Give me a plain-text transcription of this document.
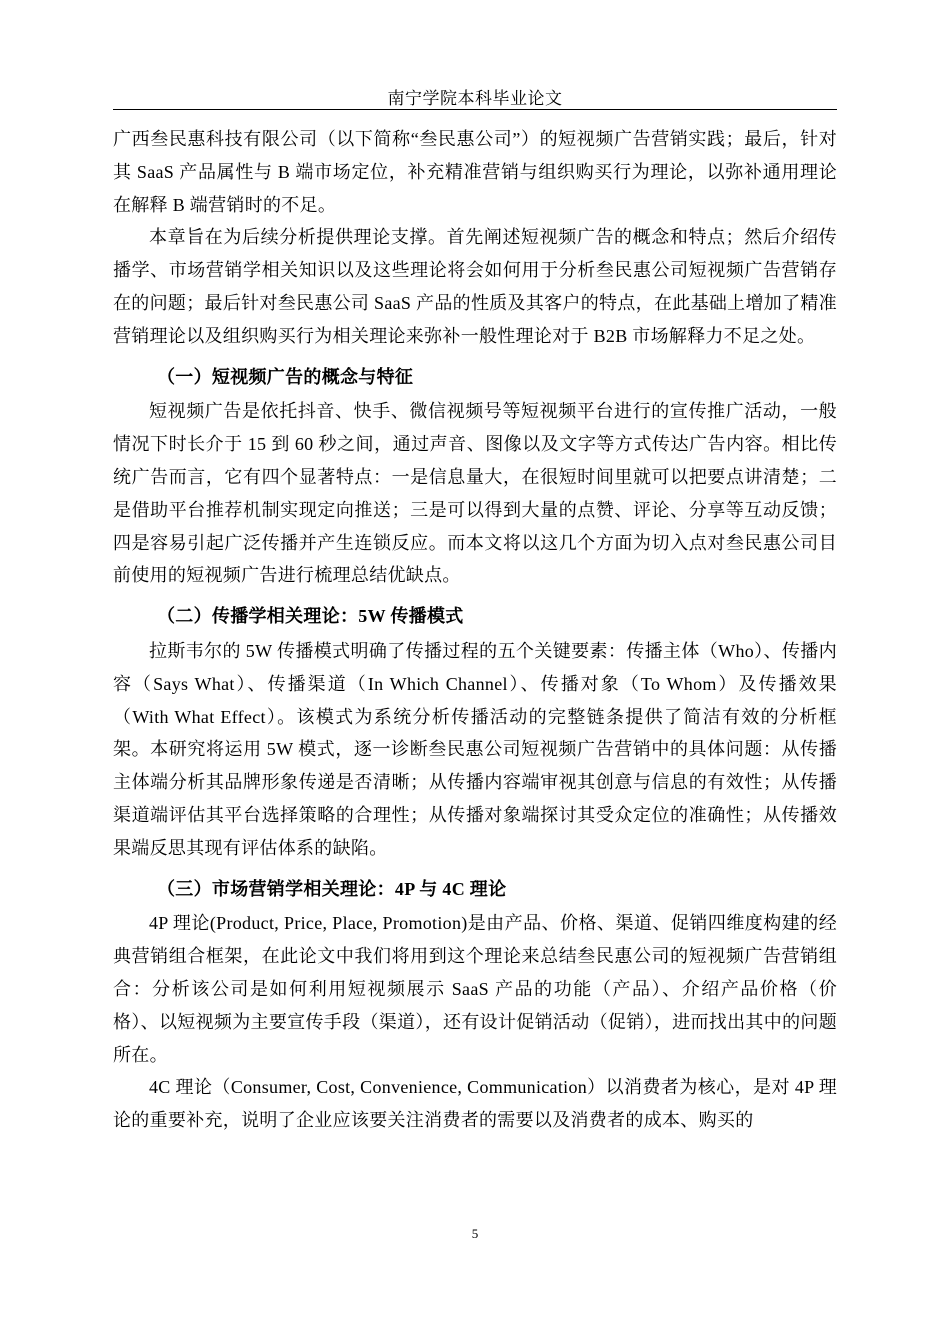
南宁学院本科毕业论文

广西叁民惠科技有限公司（以下简称“叁民惠公司”）的短视频广告营销实践；最后，针对其 SaaS 产品属性与 B 端市场定位，补充精准营销与组织购买行为理论，以弥补通用理论在解释 B 端营销时的不足。

本章旨在为后续分析提供理论支撑。首先阐述短视频广告的概念和特点；然后介绍传播学、市场营销学相关知识以及这些理论将会如何用于分析叁民惠公司短视频广告营销存在的问题；最后针对叁民惠公司 SaaS 产品的性质及其客户的特点，在此基础上增加了精准营销理论以及组织购买行为相关理论来弥补一般性理论对于 B2B 市场解释力不足之处。

（一）短视频广告的概念与特征

短视频广告是依托抖音、快手、微信视频号等短视频平台进行的宣传推广活动，一般情况下时长介于 15 到 60 秒之间，通过声音、图像以及文字等方式传达广告内容。相比传统广告而言，它有四个显著特点：一是信息量大，在很短时间里就可以把要点讲清楚；二是借助平台推荐机制实现定向推送；三是可以得到大量的点赞、评论、分享等互动反馈；四是容易引起广泛传播并产生连锁反应。而本文将以这几个方面为切入点对叁民惠公司目前使用的短视频广告进行梳理总结优缺点。

（二）传播学相关理论：5W 传播模式

拉斯韦尔的 5W 传播模式明确了传播过程的五个关键要素：传播主体（Who）、传播内容（Says What）、传播渠道（In Which Channel）、传播对象（To Whom）及传播效果（With What Effect）。该模式为系统分析传播活动的完整链条提供了简洁有效的分析框架。本研究将运用 5W 模式，逐一诊断叁民惠公司短视频广告营销中的具体问题：从传播主体端分析其品牌形象传递是否清晰；从传播内容端审视其创意与信息的有效性；从传播渠道端评估其平台选择策略的合理性；从传播对象端探讨其受众定位的准确性；从传播效果端反思其现有评估体系的缺陷。

（三）市场营销学相关理论：4P 与 4C 理论

4P 理论(Product, Price, Place, Promotion)是由产品、价格、渠道、促销四维度构建的经典营销组合框架，在此论文中我们将用到这个理论来总结叁民惠公司的短视频广告营销组合：分析该公司是如何利用短视频展示 SaaS 产品的功能（产品）、介绍产品价格（价格）、以短视频为主要宣传手段（渠道），还有设计促销活动（促销），进而找出其中的问题所在。

4C 理论（Consumer, Cost, Convenience, Communication）以消费者为核心，是对 4P 理论的重要补充，说明了企业应该要关注消费者的需要以及消费者的成本、购买的

5
